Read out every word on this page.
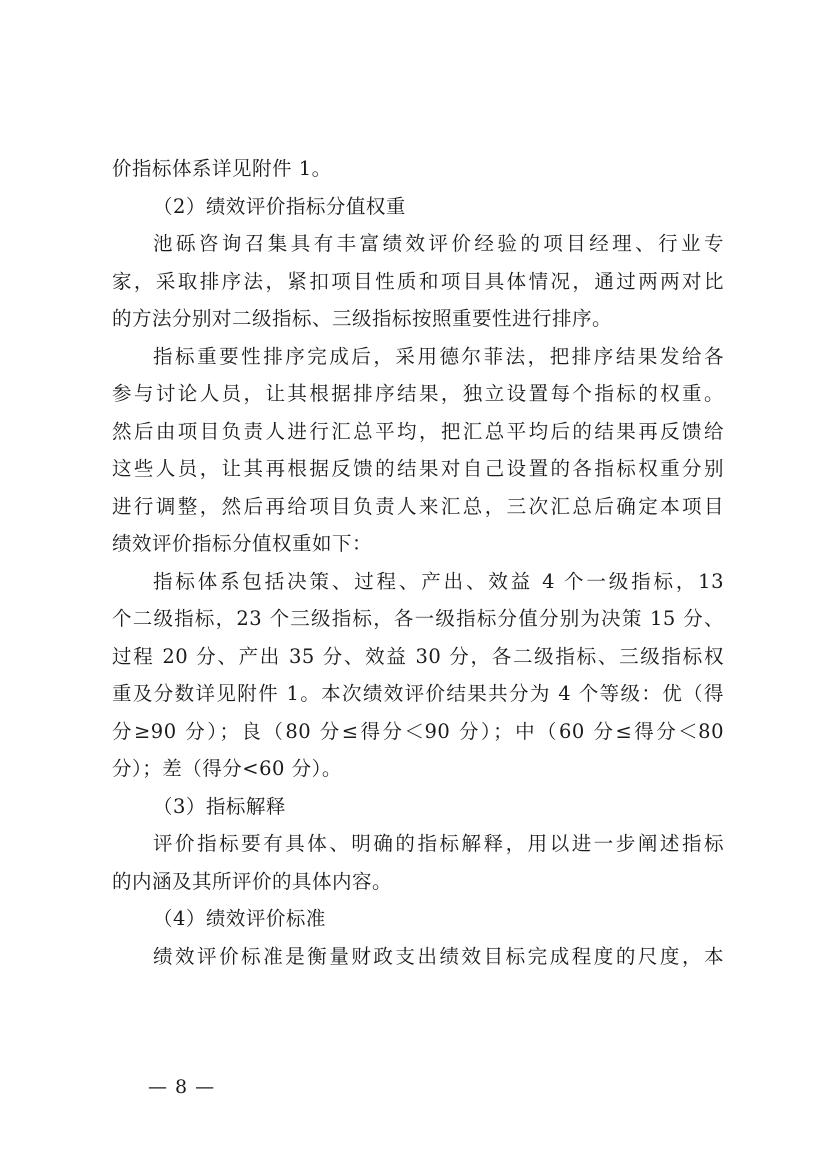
价指标体系详见附件 1。
（2）绩效评价指标分值权重
池砾咨询召集具有丰富绩效评价经验的项目经理、行业专
家，采取排序法，紧扣项目性质和项目具体情况，通过两两对比
的方法分别对二级指标、三级指标按照重要性进行排序。
指标重要性排序完成后，采用德尔菲法，把排序结果发给各
参与讨论人员，让其根据排序结果，独立设置每个指标的权重。
然后由项目负责人进行汇总平均，把汇总平均后的结果再反馈给
这些人员，让其再根据反馈的结果对自己设置的各指标权重分别
进行调整，然后再给项目负责人来汇总，三次汇总后确定本项目
绩效评价指标分值权重如下：
指标体系包括决策、过程、产出、效益 4 个一级指标，13
个二级指标，23 个三级指标，各一级指标分值分别为决策 15 分、
过程 20 分、产出 35 分、效益 30 分，各二级指标、三级指标权
重及分数详见附件 1。本次绩效评价结果共分为 4 个等级：优（得
分≥90 分）；良（80 分≤得分＜90 分）；中（60 分≤得分＜80
分）；差（得分<60 分）。
（3）指标解释
评价指标要有具体、明确的指标解释，用以进一步阐述指标
的内涵及其所评价的具体内容。
（4）绩效评价标准
绩效评价标准是衡量财政支出绩效目标完成程度的尺度，本
— 8 —
